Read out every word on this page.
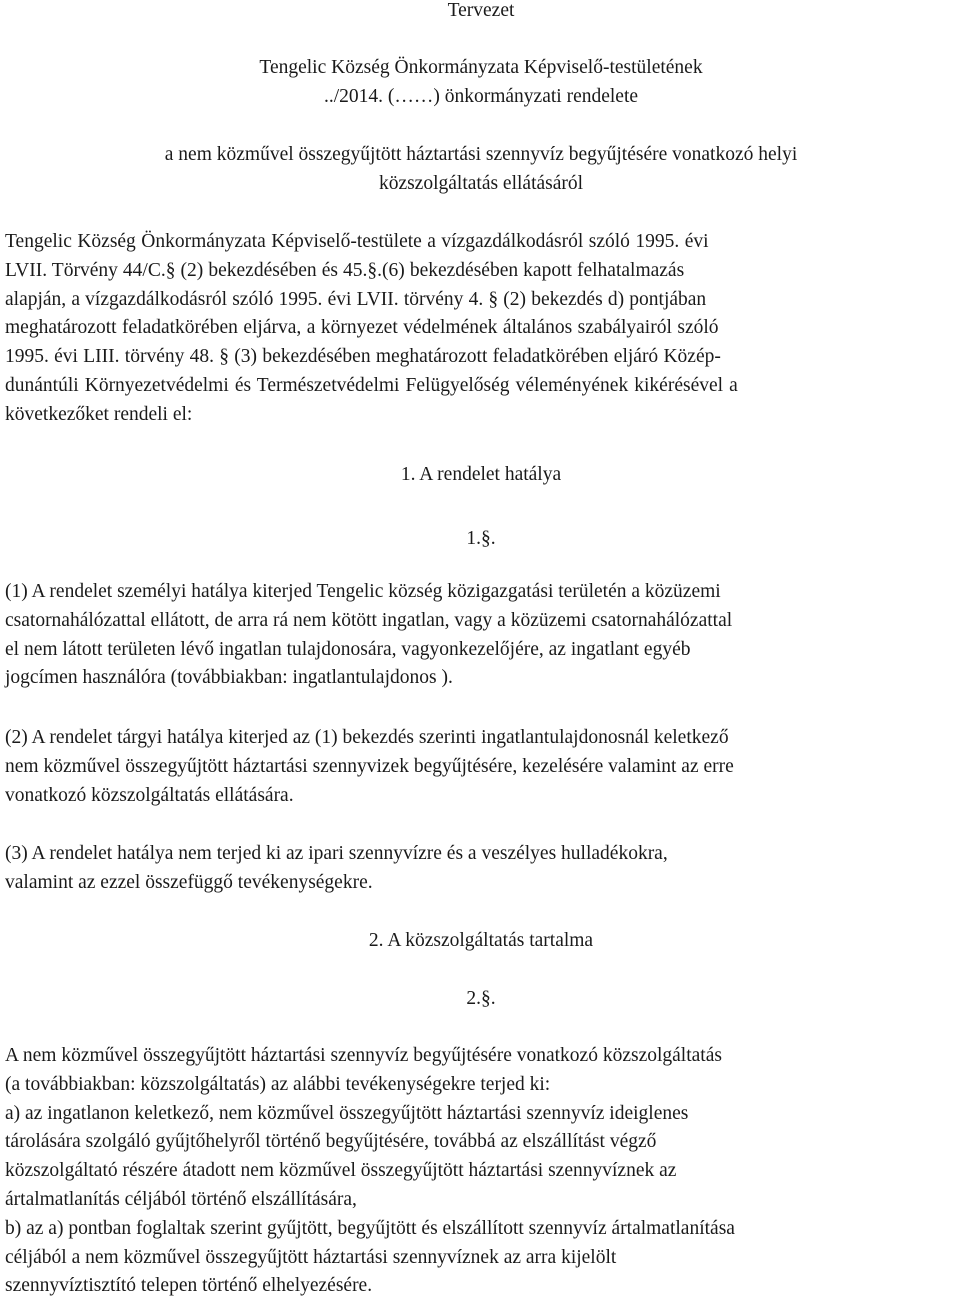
Tervezet
Tengelic Község Önkormányzata Képviselő-testületének
../2014. (……) önkormányzati rendelete
a nem közművel összegyűjtött háztartási szennyvíz begyűjtésére vonatkozó helyi
közszolgáltatás ellátásáról
Tengelic Község Önkormányzata Képviselő-testülete a vízgazdálkodásról szóló 1995. évi
LVII. Törvény 44/C.§ (2) bekezdésében és 45.§.(6) bekezdésében kapott felhatalmazás
alapján, a vízgazdálkodásról szóló 1995. évi LVII. törvény 4. § (2) bekezdés d) pontjában
meghatározott feladatkörében eljárva, a környezet védelmének általános szabályairól szóló
1995. évi LIII. törvény 48. § (3) bekezdésében meghatározott feladatkörében eljáró Közép-
dunántúli Környezetvédelmi és Természetvédelmi Felügyelőség véleményének kikérésével a
következőket rendeli el:
1. A rendelet hatálya
1.§.
(1) A rendelet személyi hatálya kiterjed Tengelic község közigazgatási területén a közüzemi
csatornahálózattal ellátott, de arra rá nem kötött ingatlan, vagy a közüzemi csatornahálózattal
el nem látott területen lévő ingatlan tulajdonosára, vagyonkezelőjére, az ingatlant egyéb
jogcímen használóra (továbbiakban: ingatlantulajdonos ).
(2) A rendelet tárgyi hatálya kiterjed az (1) bekezdés szerinti ingatlantulajdonosnál keletkező
nem közművel összegyűjtött háztartási szennyvizek begyűjtésére, kezelésére valamint az erre
vonatkozó közszolgáltatás ellátására.
(3) A rendelet hatálya nem terjed ki az ipari szennyvízre és a veszélyes hulladékokra,
valamint az ezzel összefüggő tevékenységekre.
2. A közszolgáltatás tartalma
2.§.
A nem közművel összegyűjtött háztartási szennyvíz begyűjtésére vonatkozó közszolgáltatás
(a továbbiakban: közszolgáltatás) az alábbi tevékenységekre terjed ki:
a) az ingatlanon keletkező, nem közművel összegyűjtött háztartási szennyvíz ideiglenes
tárolására szolgáló gyűjtőhelyről történő begyűjtésére, továbbá az elszállítást végző
közszolgáltató részére átadott nem közművel összegyűjtött háztartási szennyvíznek az
ártalmatlanítás céljából történő elszállítására,
b) az a) pontban foglaltak szerint gyűjtött, begyűjtött és elszállított szennyvíz ártalmatlanítása
céljából a nem közművel összegyűjtött háztartási szennyvíznek az arra kijelölt
szennyvíztisztító telepen történő elhelyezésére.
